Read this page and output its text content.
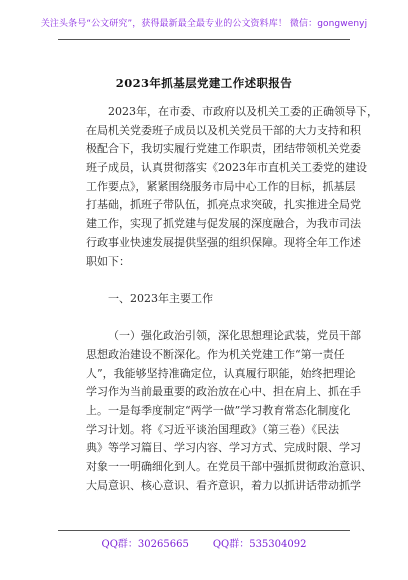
关注头条号“公文研究”，获得最新最全最专业的公文资料库！ 微信：gongwenyj
2023年抓基层党建工作述职报告
2023年，在市委、市政府以及机关工委的正确领导下，
在局机关党委班子成员以及机关党员干部的大力支持和积
极配合下，我切实履行党建工作职责，团结带领机关党委
班子成员，认真贯彻落实《2023年市直机关工委党的建设
工作要点》，紧紧围绕服务市局中心工作的目标，抓基层
打基础，抓班子带队伍，抓亮点求突破，扎实推进全局党
建工作，实现了抓党建与促发展的深度融合，为我市司法
行政事业快速发展提供坚强的组织保障。现将全年工作述
职如下：
一、2023年主要工作
（一）强化政治引领，深化思想理论武装，党员干部
思想政治建设不断深化。作为机关党建工作“第一责任
人”，我能够坚持准确定位，认真履行职能，始终把理论
学习作为当前最重要的政治放在心中、担在肩上、抓在手
上。一是每季度制定“两学一做”学习教育常态化制度化
学习计划。将《习近平谈治国理政》（第三卷）《民法
典》等学习篇目、学习内容、学习方式、完成时限、学习
对象一一明确细化到人。在党员干部中强抓贯彻政治意识、
大局意识、核心意识、看齐意识，着力以抓讲话带动抓学
QQ群：30265665 QQ群：535304092
